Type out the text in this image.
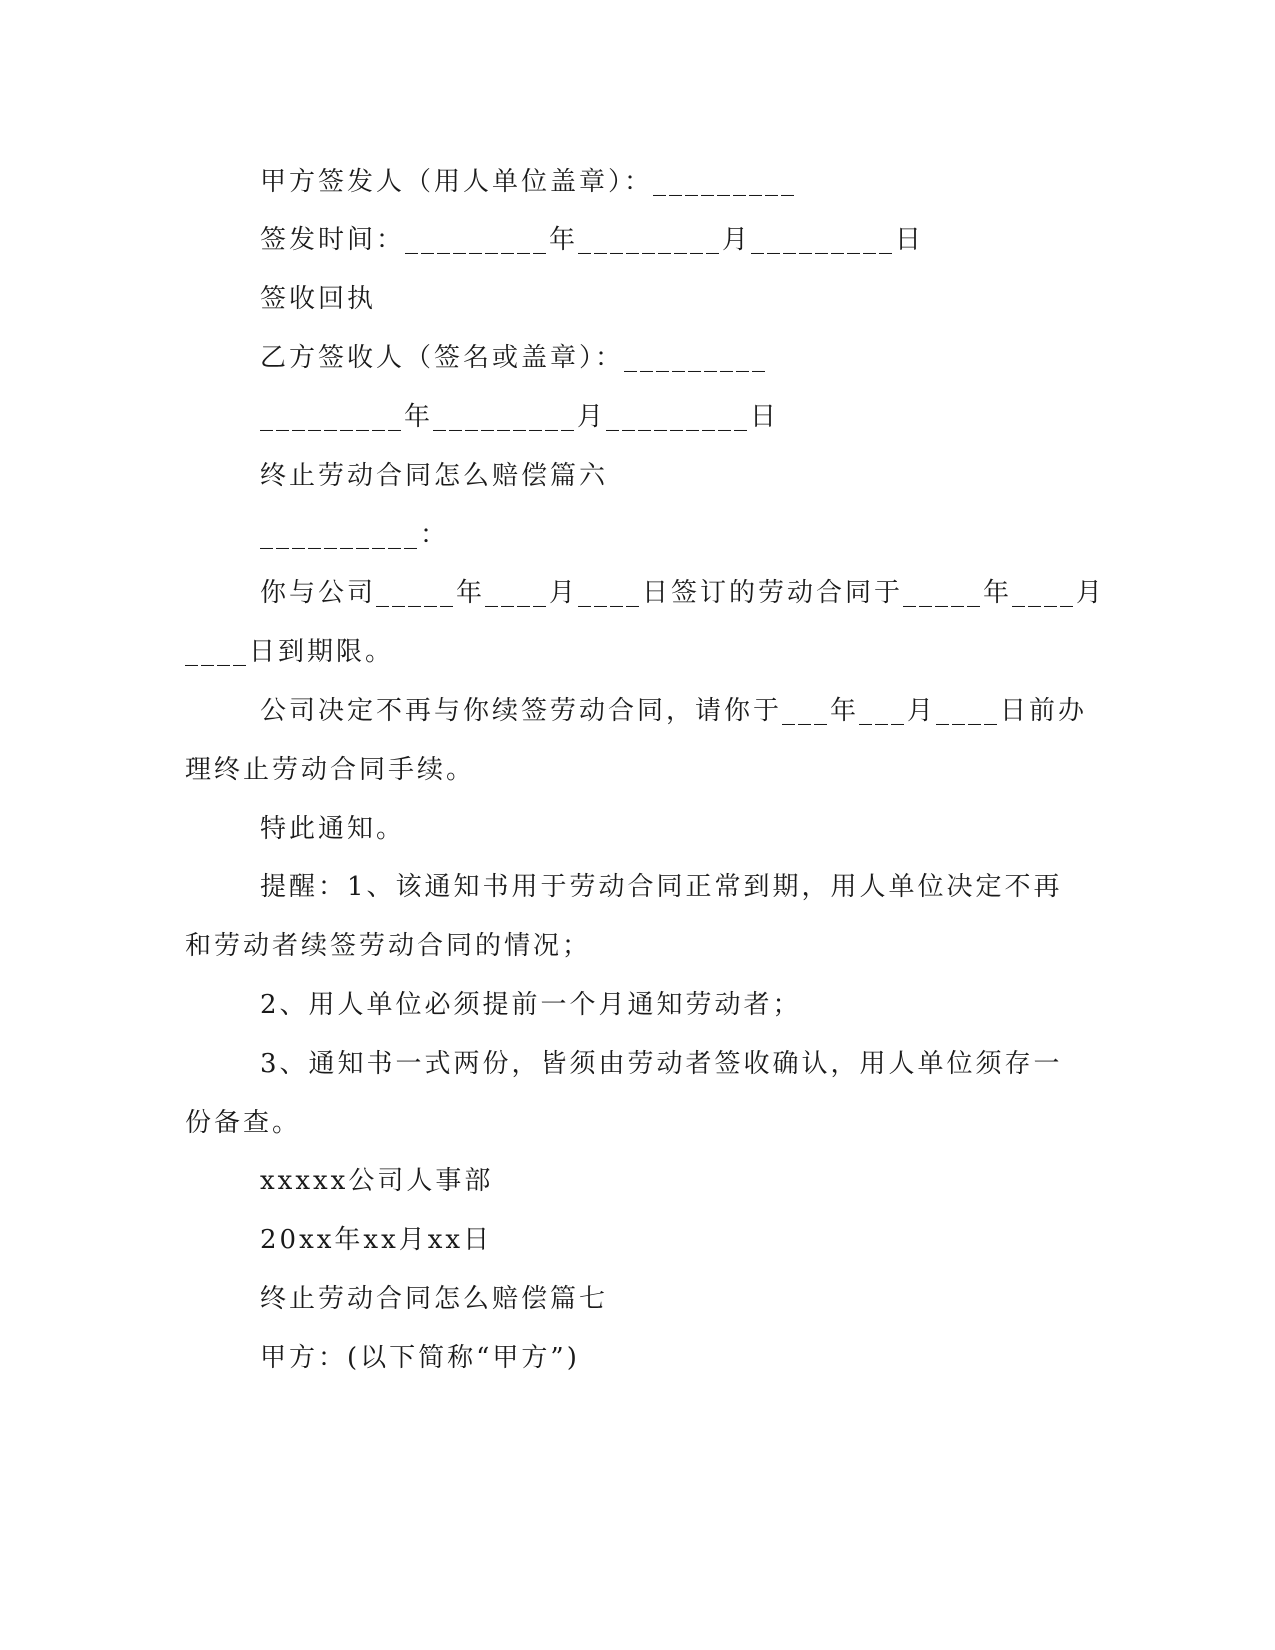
甲方签发人（用人单位盖章）：_________
签发时间：_________年_________月_________日
签收回执
乙方签收人（签名或盖章）：_________
_________年_________月_________日
终止劳动合同怎么赔偿篇六
__________：
你与公司_____年____月____日签订的劳动合同于_____年____月
____日到期限。
公司决定不再与你续签劳动合同，请你于___年___月____日前办
理终止劳动合同手续。
特此通知。
提醒：1、该通知书用于劳动合同正常到期，用人单位决定不再
和劳动者续签劳动合同的情况；
2、用人单位必须提前一个月通知劳动者；
3、通知书一式两份，皆须由劳动者签收确认，用人单位须存一
份备查。
xxxxx公司人事部
20xx年xx月xx日
终止劳动合同怎么赔偿篇七
甲方：(以下简称“甲方”)
